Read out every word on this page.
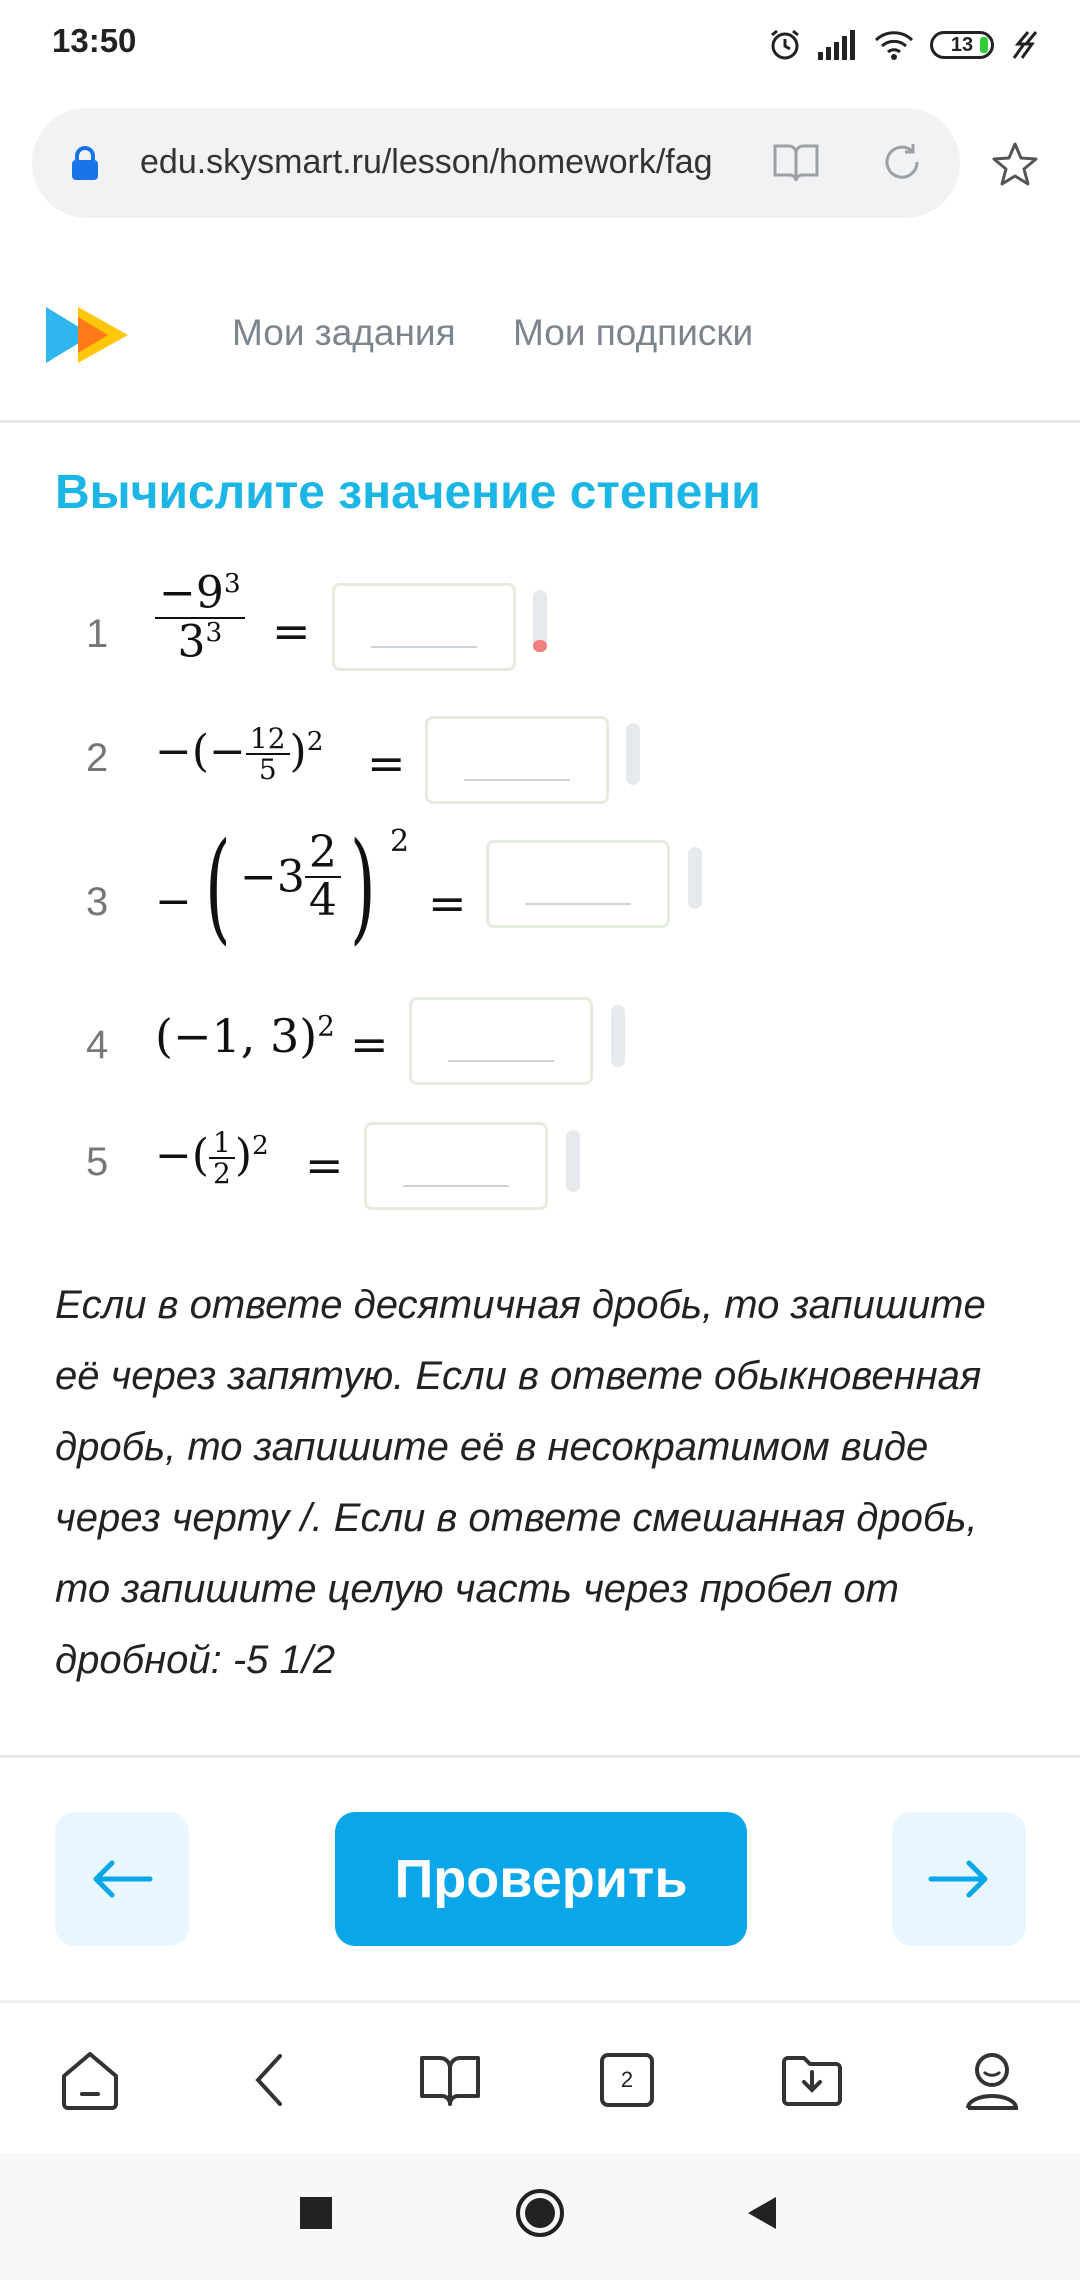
13:50	13
edu.skysmart.ru/lesson/homework/fag
Мои задания Мои подписки
Вычислите значение степени
$1 \frac{-9^3}{3^3}$ =
2 −(− $\frac{12}{5} )^2$ =
3 − ( $-3 \frac{2}{4}$ ) 2
=
4 (−1, 3)$^2$ =
5 −( $\frac{1}{2} )^2$ =

Если в ответе десятичная дробь, то запишите её через запятую. Если в ответе обыкновенная дробь, то запишите её в несократимом виде через черту /. Если в ответе смешанная дробь, то запишите целую часть через пробел от дробной: -5 1/2

Проверить
2
